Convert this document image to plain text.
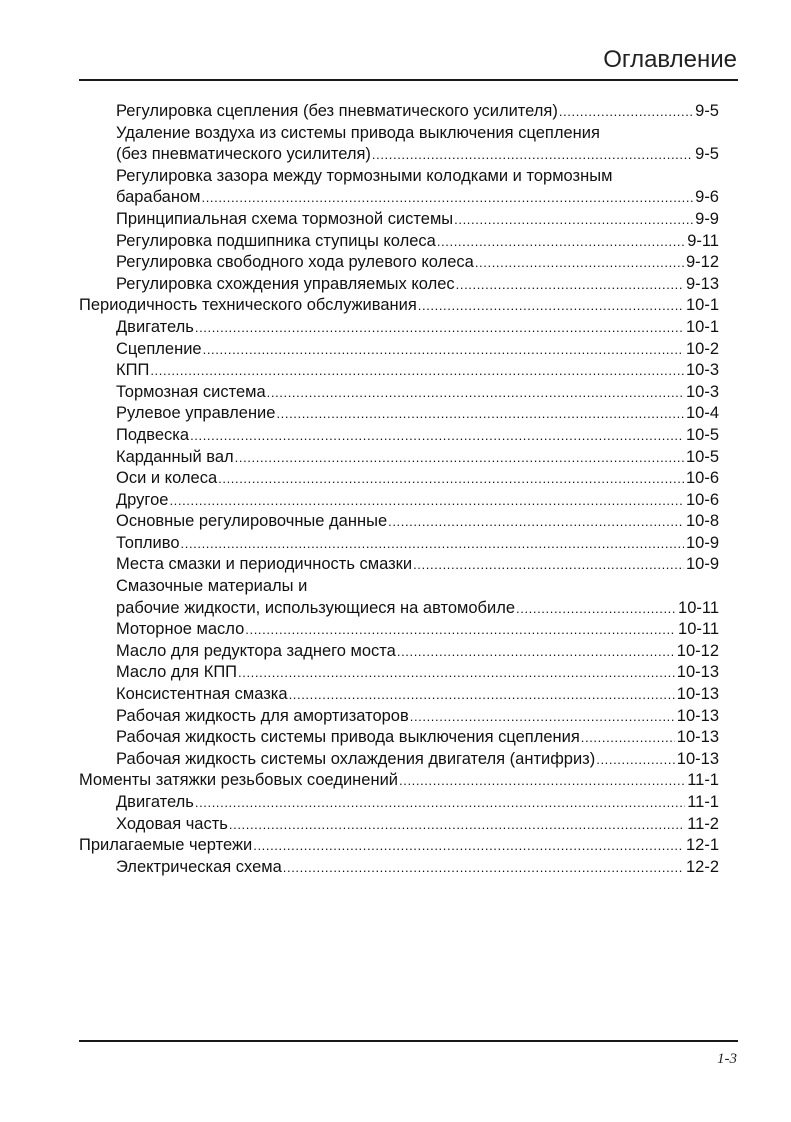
Оглавление
Регулировка сцепления (без пневматического усилителя) .....	9-5
Удаление воздуха из системы привода выключения сцепления
(без пневматического усилителя) .....	9-5
Регулировка зазора между тормозными колодками и тормозным
барабаном .....	9-6
Принципиальная схема тормозной системы .....	9-9
Регулировка подшипника ступицы колеса .....	9-11
Регулировка свободного хода рулевого колеса .....	9-12
Регулировка схождения управляемых колес .....	9-13
Периодичность технического обслуживания .....	10-1
Двигатель .....	10-1
Сцепление .....	10-2
КПП .....	10-3
Тормозная система .....	10-3
Рулевое управление .....	10-4
Подвеска .....	10-5
Карданный вал .....	10-5
Оси и колеса .....	10-6
Другое .....	10-6
Основные регулировочные данные .....	10-8
Топливо .....	10-9
Места смазки и периодичность смазки .....	10-9
Смазочные материалы и
рабочие жидкости, использующиеся на автомобиле .....	10-11
Моторное масло .....	10-11
Масло для редуктора заднего моста .....	10-12
Масло для КПП .....	10-13
Консистентная смазка .....	10-13
Рабочая жидкость для амортизаторов .....	10-13
Рабочая жидкость системы привода выключения сцепления .....	10-13
Рабочая жидкость системы охлаждения двигателя (антифриз) .....	10-13
Моменты затяжки резьбовых соединений .....	11-1
Двигатель .....	11-1
Ходовая часть .....	11-2
Прилагаемые чертежи .....	12-1
Электрическая схема .....	12-2
1-3
